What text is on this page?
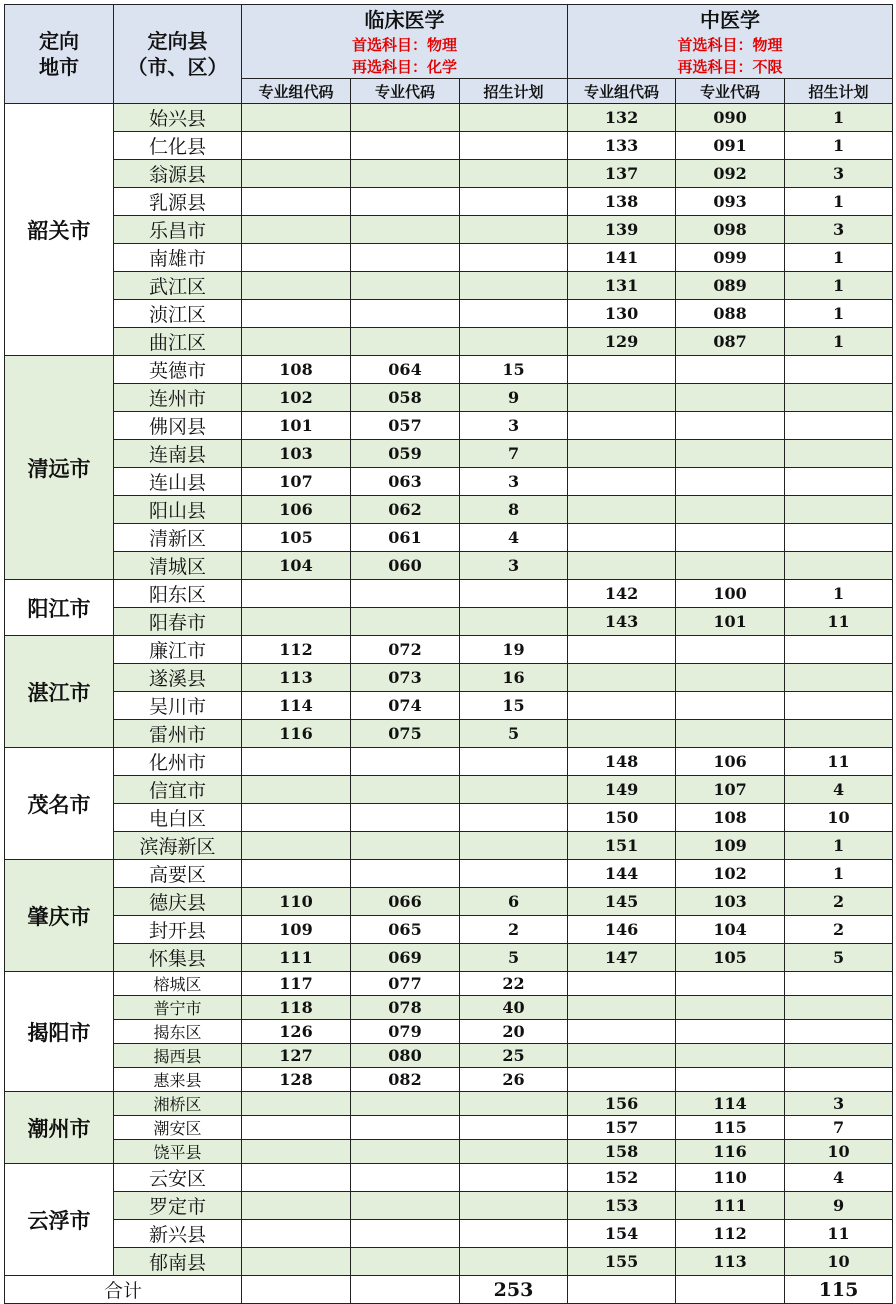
定向
地市	定向县
（市、区）	临床医学
首选科目：物理
再选科目：化学			中医学
首选科目：物理
再选科目：不限		

		专业组代码	专业代码	招生计划	专业组代码	专业代码	招生计划
韶关市	始兴县				132	090	1
	仁化县				133	091	1
	翁源县				137	092	3
	乳源县				138	093	1
	乐昌市				139	098	3
	南雄市				141	099	1
	武江区				131	089	1
	浈江区				130	088	1
	曲江区				129	087	1
清远市	英德市	108	064	15			
	连州市	102	058	9			
	佛冈县	101	057	3			
	连南县	103	059	7			
	连山县	107	063	3			
	阳山县	106	062	8			
	清新区	105	061	4			
	清城区	104	060	3			
阳江市	阳东区				142	100	1
	阳春市				143	101	11
湛江市	廉江市	112	072	19			
	遂溪县	113	073	16			
	吴川市	114	074	15			
	雷州市	116	075	5			
茂名市	化州市				148	106	11
	信宜市				149	107	4
	电白区				150	108	10
	滨海新区				151	109	1
肇庆市	高要区				144	102	1
	德庆县	110	066	6	145	103	2
	封开县	109	065	2	146	104	2
	怀集县	111	069	5	147	105	5
揭阳市	榕城区	117	077	22			
	普宁市	118	078	40			
	揭东区	126	079	20			
	揭西县	127	080	25			
	惠来县	128	082	26			
潮州市	湘桥区				156	114	3
	潮安区				157	115	7
	饶平县				158	116	10
云浮市	云安区				152	110	4
	罗定市				153	111	9
	新兴县				154	112	11
	郁南县				155	113	10
合计				253			115
